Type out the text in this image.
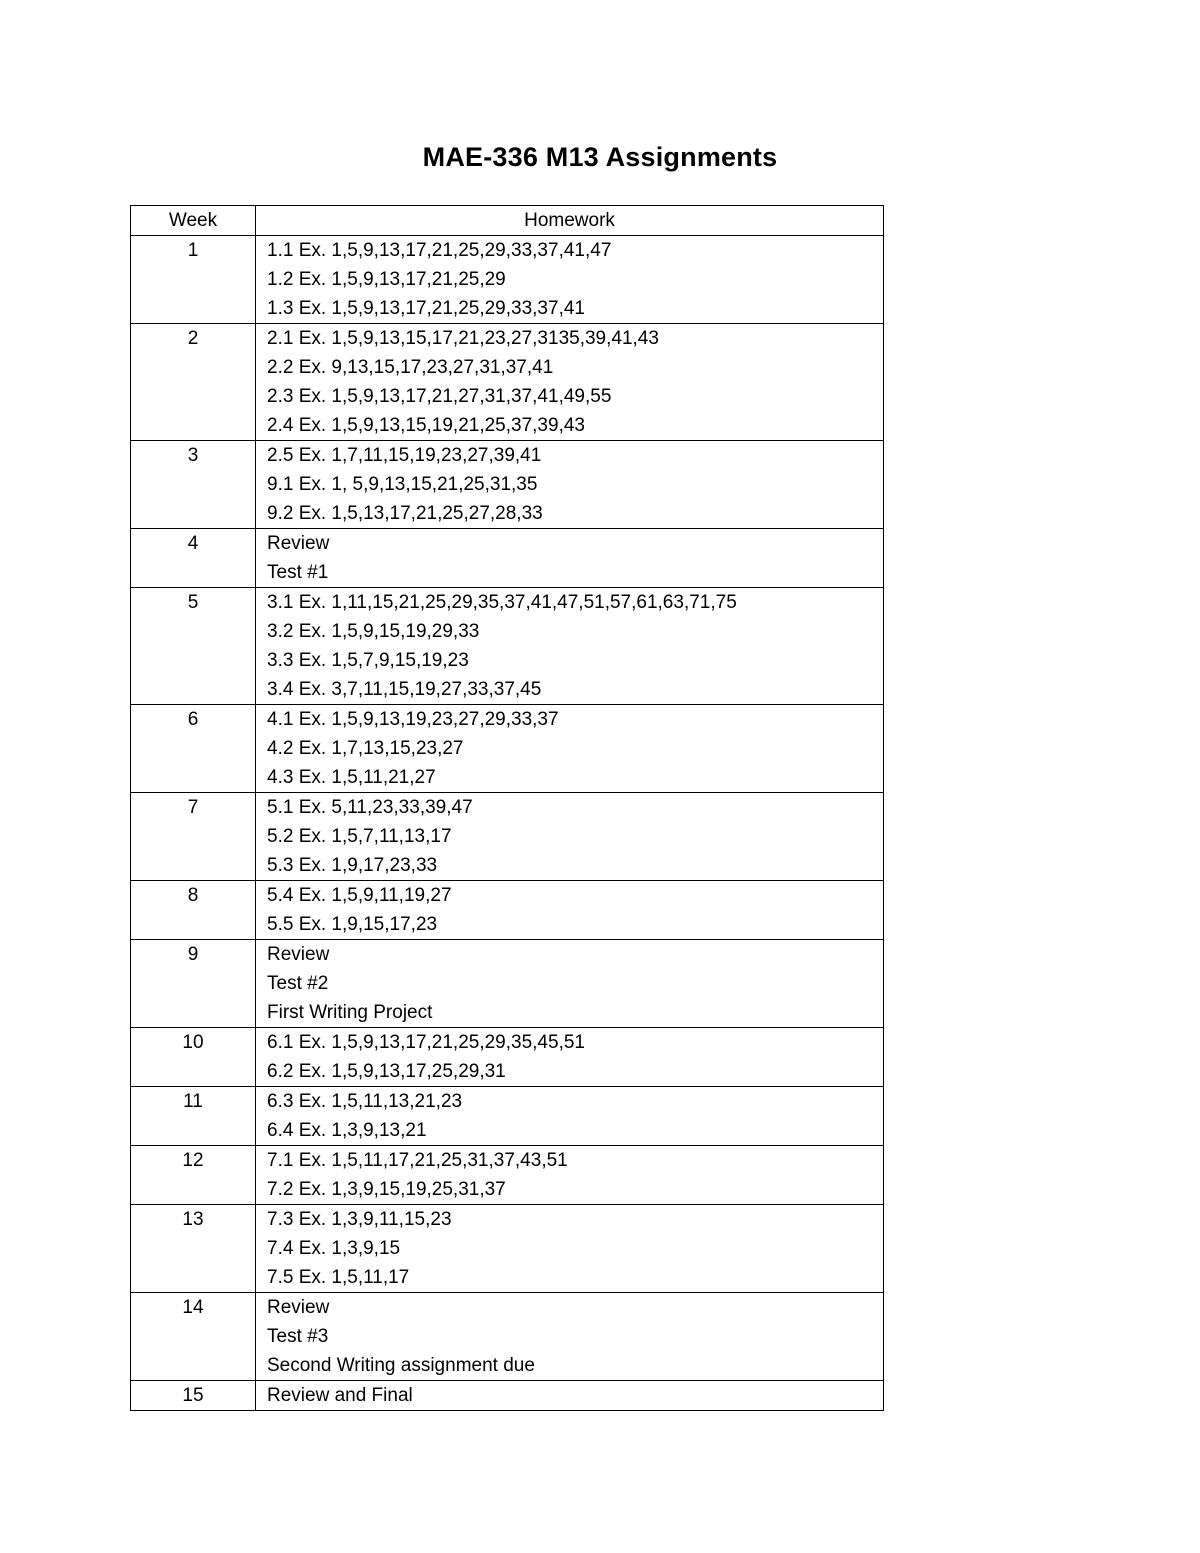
MAE-336 M13 Assignments
Week	Homework
1	1.1 Ex. 1,5,9,13,17,21,25,29,33,37,41,47
1.2 Ex. 1,5,9,13,17,21,25,29
1.3 Ex. 1,5,9,13,17,21,25,29,33,37,41

2	2.1 Ex. 1,5,9,13,15,17,21,23,27,3135,39,41,43
2.2 Ex. 9,13,15,17,23,27,31,37,41
2.3 Ex. 1,5,9,13,17,21,27,31,37,41,49,55
2.4 Ex. 1,5,9,13,15,19,21,25,37,39,43

3	2.5 Ex. 1,7,11,15,19,23,27,39,41
9.1 Ex. 1, 5,9,13,15,21,25,31,35
9.2 Ex. 1,5,13,17,21,25,27,28,33

4	Review
Test #1

5	3.1 Ex. 1,11,15,21,25,29,35,37,41,47,51,57,61,63,71,75
3.2 Ex. 1,5,9,15,19,29,33
3.3 Ex. 1,5,7,9,15,19,23
3.4 Ex. 3,7,11,15,19,27,33,37,45

6	4.1 Ex. 1,5,9,13,19,23,27,29,33,37
4.2 Ex. 1,7,13,15,23,27
4.3 Ex. 1,5,11,21,27

7	5.1 Ex. 5,11,23,33,39,47
5.2 Ex. 1,5,7,11,13,17
5.3 Ex. 1,9,17,23,33

8	5.4 Ex. 1,5,9,11,19,27
5.5 Ex. 1,9,15,17,23

9	Review
Test #2
First Writing Project

10	6.1 Ex. 1,5,9,13,17,21,25,29,35,45,51
6.2 Ex. 1,5,9,13,17,25,29,31

11	6.3 Ex. 1,5,11,13,21,23
6.4 Ex. 1,3,9,13,21

12	7.1 Ex. 1,5,11,17,21,25,31,37,43,51
7.2 Ex. 1,3,9,15,19,25,31,37

13	7.3 Ex. 1,3,9,11,15,23
7.4 Ex. 1,3,9,15
7.5 Ex. 1,5,11,17

14	Review
Test #3
Second Writing assignment due

15	Review and Final
